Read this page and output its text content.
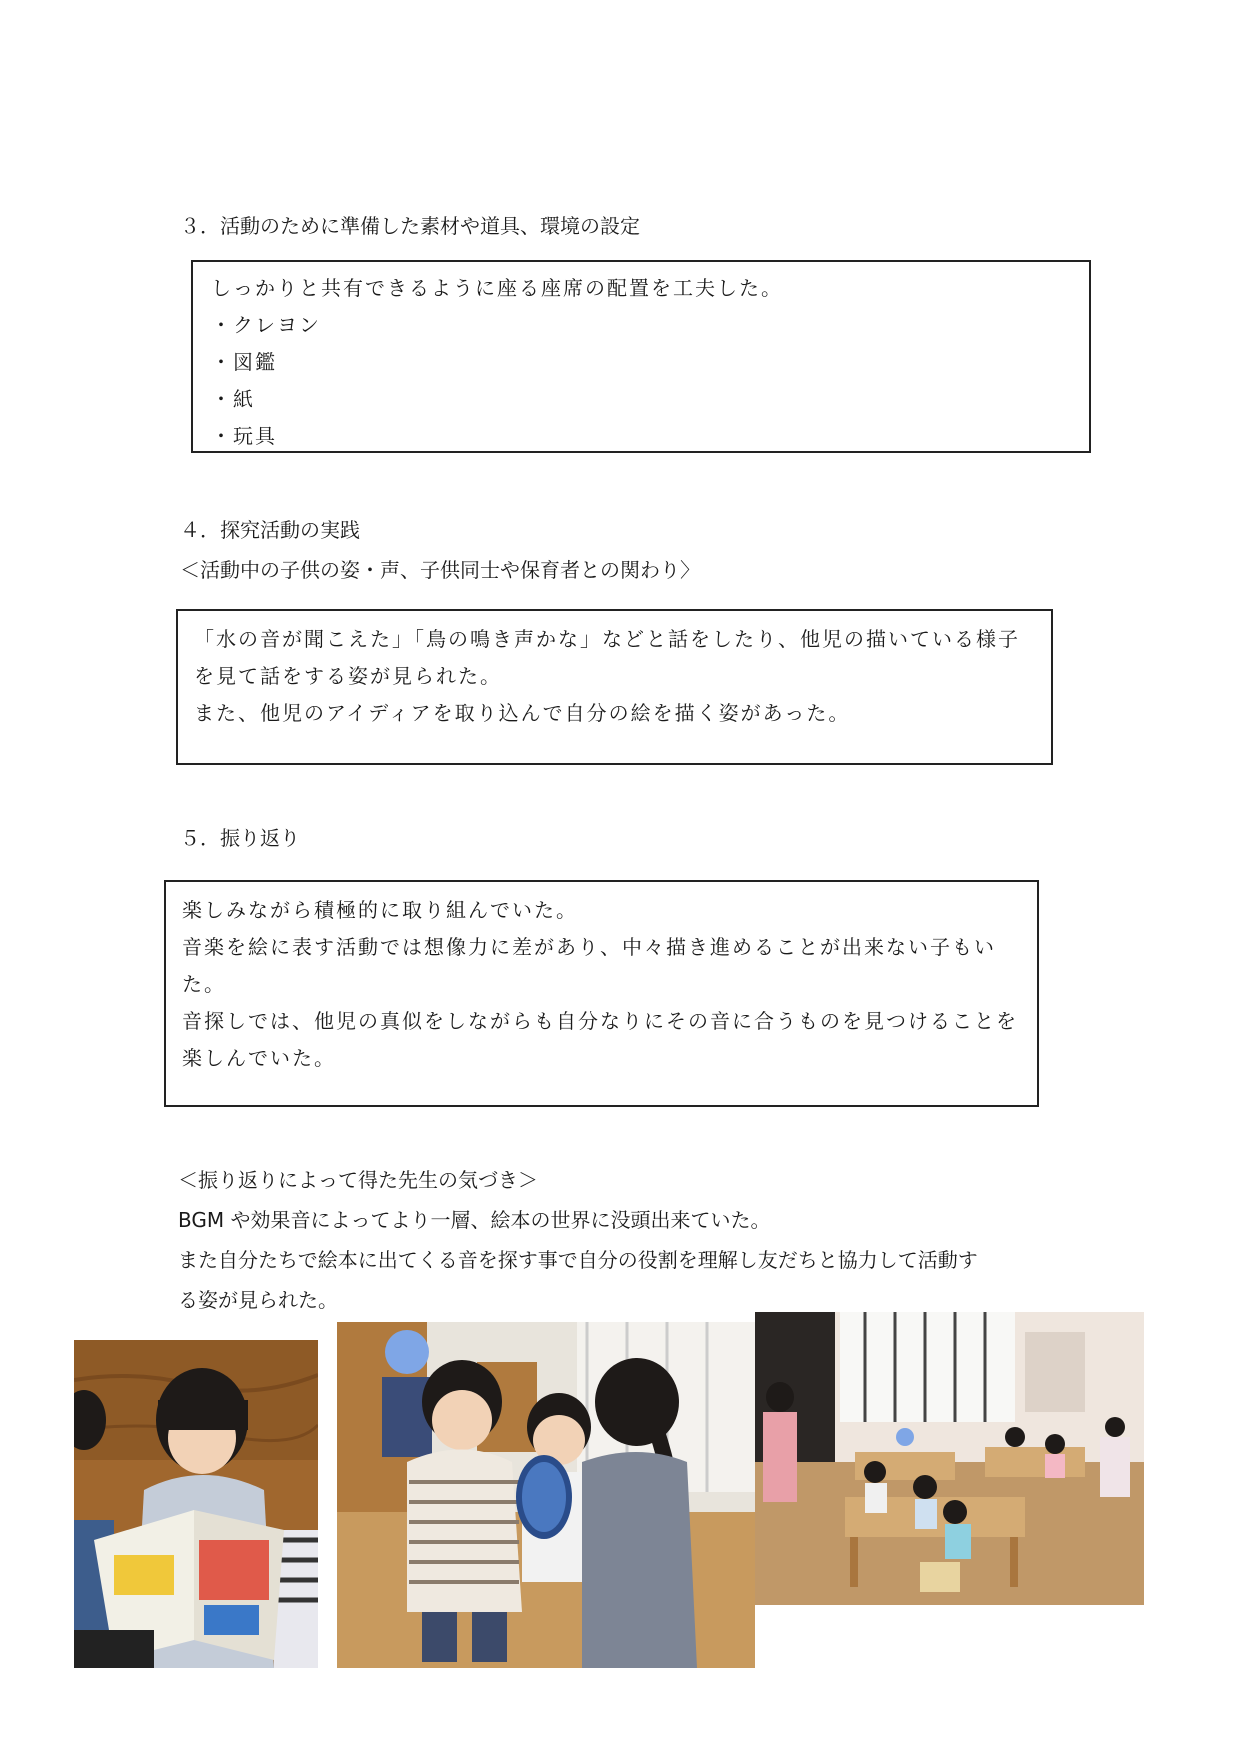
３．活動のために準備した素材や道具、環境の設定
しっかりと共有できるように座る座席の配置を工夫した。
・クレヨン
・図鑑
・紙
・玩具
４．探究活動の実践
＜活動中の子供の姿・声、子供同士や保育者との関わり〉
「水の音が聞こえた」「鳥の鳴き声かな」などと話をしたり、他児の描いている様子
を見て話をする姿が見られた。
また、他児のアイディアを取り込んで自分の絵を描く姿があった。
５．振り返り
楽しみながら積極的に取り組んでいた。
音楽を絵に表す活動では想像力に差があり、中々描き進めることが出来ない子もい
た。
音探しでは、他児の真似をしながらも自分なりにその音に合うものを見つけることを
楽しんでいた。
＜振り返りによって得た先生の気づき＞
BGM や効果音によってより一層、絵本の世界に没頭出来ていた。
また自分たちで絵本に出てくる音を探す事で自分の役割を理解し友だちと協力して活動す
る姿が見られた。
